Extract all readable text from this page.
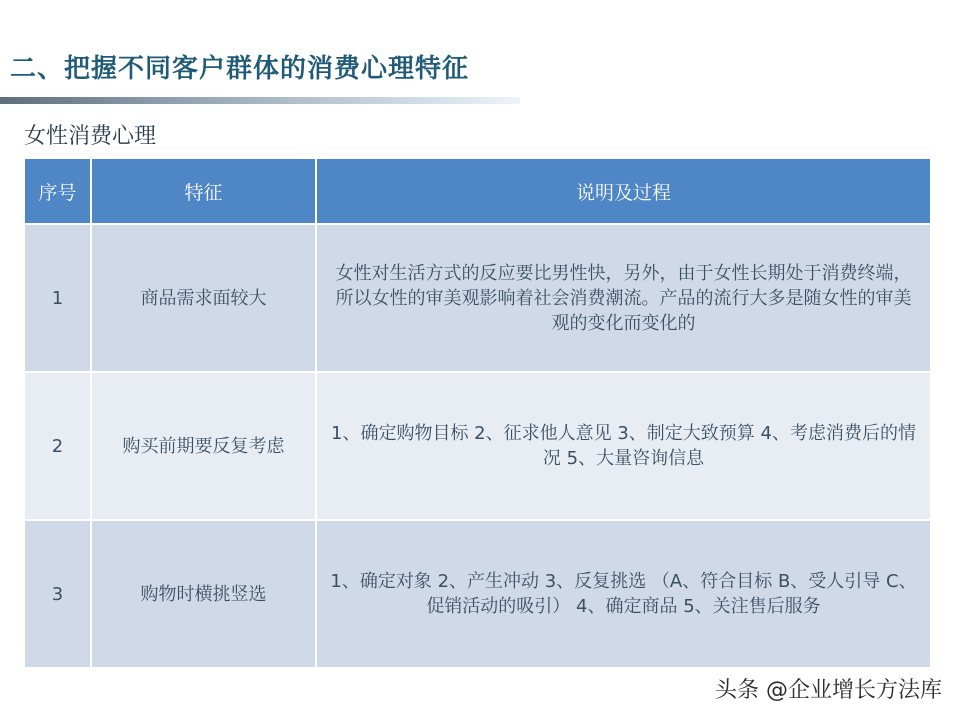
二、把握不同客户群体的消费心理特征
女性消费心理
序号	特征	说明及过程
1	商品需求面较大	女性对生活方式的反应要比男性快，另外，由于女性长期处于消费终端，所以女性的审美观影响着社会消费潮流。产品的流行大多是随女性的审美观的变化而变化的
2	购买前期要反复考虑	1、确定购物目标 2、征求他人意见 3、制定大致预算 4、考虑消费后的情况 5、大量咨询信息
3	购物时横挑竖选	1、确定对象 2、产生冲动 3、反复挑选 （A、符合目标 B、受人引导 C、促销活动的吸引） 4、确定商品 5、关注售后服务
头条 @企业增长方法库
